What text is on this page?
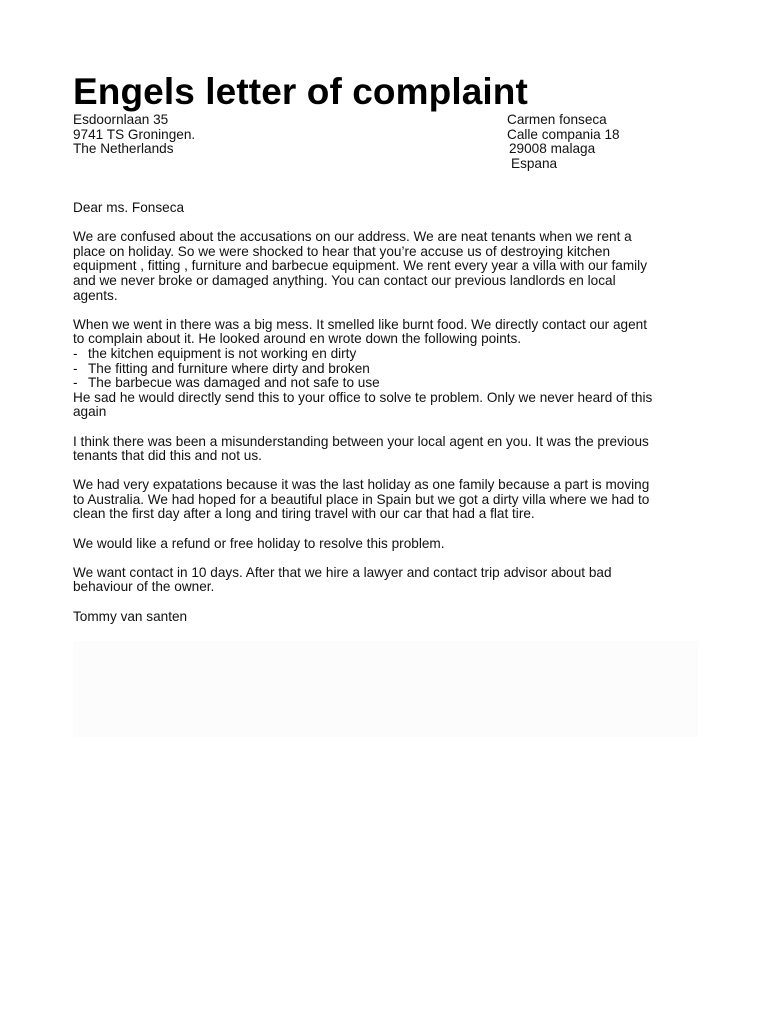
Engels letter of complaint
Esdoornlaan 35
9741 TS Groningen.
The Netherlands
Carmen fonseca
Calle compania 18
29008 malaga
Espana

Dear ms. Fonseca

We are confused about the accusations on our address. We are neat tenants when we rent a
place on holiday. So we were shocked to hear that you’re accuse us of destroying kitchen
equipment , fitting , furniture and barbecue equipment. We rent every year a villa with our family
and we never broke or damaged anything. You can contact our previous landlords en local
agents.

When we went in there was a big mess. It smelled like burnt food. We directly contact our agent
to complain about it. He looked around en wrote down the following points.
- the kitchen equipment is not working en dirty
- The fitting and furniture where dirty and broken
- The barbecue was damaged and not safe to use
He sad he would directly send this to your office to solve te problem. Only we never heard of this
again

I think there was been a misunderstanding between your local agent en you. It was the previous
tenants that did this and not us.

We had very expatations because it was the last holiday as one family because a part is moving
to Australia. We had hoped for a beautiful place in Spain but we got a dirty villa where we had to
clean the first day after a long and tiring travel with our car that had a flat tire.

We would like a refund or free holiday to resolve this problem.

We want contact in 10 days. After that we hire a lawyer and contact trip advisor about bad
behaviour of the owner.

Tommy van santen
